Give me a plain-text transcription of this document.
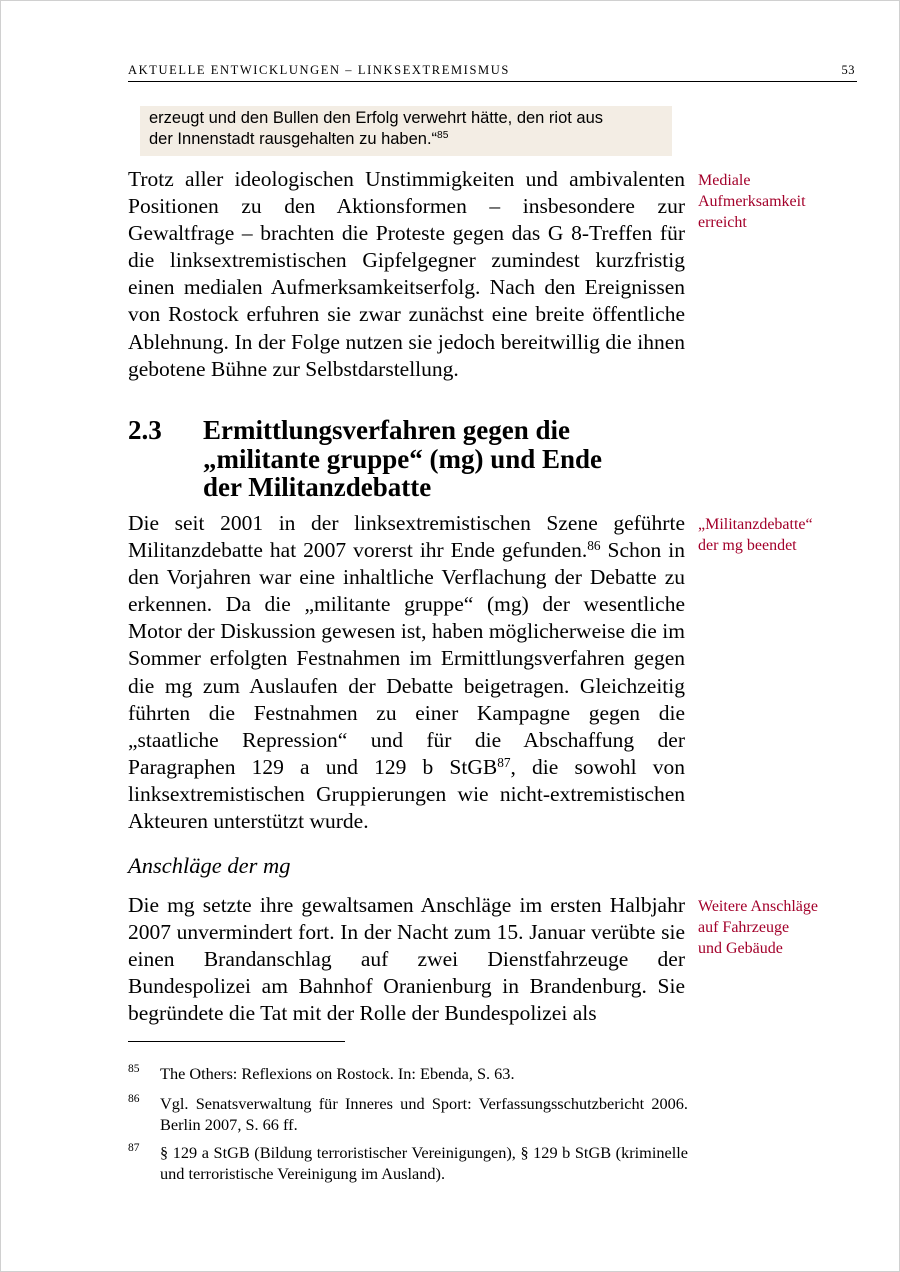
AKTUELLE ENTWICKLUNGEN – LINKSEXTREMISMUS	53
erzeugt und den Bullen den Erfolg verwehrt hätte, den riot aus
der Innenstadt rausgehalten zu haben.“$^{85}$

Trotz aller ideologischen Unstimmigkeiten und ambivalenten Positionen zu den Aktionsformen – insbesondere zur Gewaltfrage – brachten die Proteste gegen das G 8-Treffen für die linksextremistischen Gipfelgegner zumindest kurzfristig einen medialen Aufmerksamkeitserfolg. Nach den Ereignissen von Rostock erfuhren sie zwar zunächst eine breite öffentliche Ablehnung. In der Folge nutzen sie jedoch bereitwillig die ihnen gebotene Bühne zur Selbstdarstellung.

Mediale
Aufmerksamkeit
erreicht
2.3 Ermittlungsverfahren gegen die
„militante gruppe“ (mg) und Ende
der Militanzdebatte

Die seit 2001 in der linksextremistischen Szene geführte Militanzdebatte hat 2007 vorerst ihr Ende gefunden.$^{86}$ Schon in den Vorjahren war eine inhaltliche Verflachung der Debatte zu erkennen. Da die „militante gruppe“ (mg) der wesentliche Motor der Diskussion gewesen ist, haben möglicherweise die im Sommer erfolgten Festnahmen im Ermittlungsverfahren gegen die mg zum Auslaufen der Debatte beigetragen. Gleichzeitig führten die Festnahmen zu einer Kampagne gegen die „staatliche Repression“ und für die Abschaffung der Paragraphen 129 a und 129 b StGB$^{87}$, die sowohl von linksextremistischen Gruppierungen wie nicht-extremistischen Akteuren unterstützt wurde.

„Militanzdebatte“
der mg beendet
Anschläge der mg

Die mg setzte ihre gewaltsamen Anschläge im ersten Halbjahr 2007 unvermindert fort. In der Nacht zum 15. Januar verübte sie einen Brandanschlag auf zwei Dienstfahrzeuge der Bundespolizei am Bahnhof Oranienburg in Brandenburg. Sie begründete die Tat mit der Rolle der Bundespolizei als

Weitere Anschläge
auf Fahrzeuge
und Gebäude
85 The Others: Reflexions on Rostock. In: Ebenda, S. 63.
86 Vgl. Senatsverwaltung für Inneres und Sport: Verfassungsschutzbericht 2006. Berlin 2007, S. 66 ff.
87 § 129 a StGB (Bildung terroristischer Vereinigungen), § 129 b StGB (kriminelle und terroristische Vereinigung im Ausland).
